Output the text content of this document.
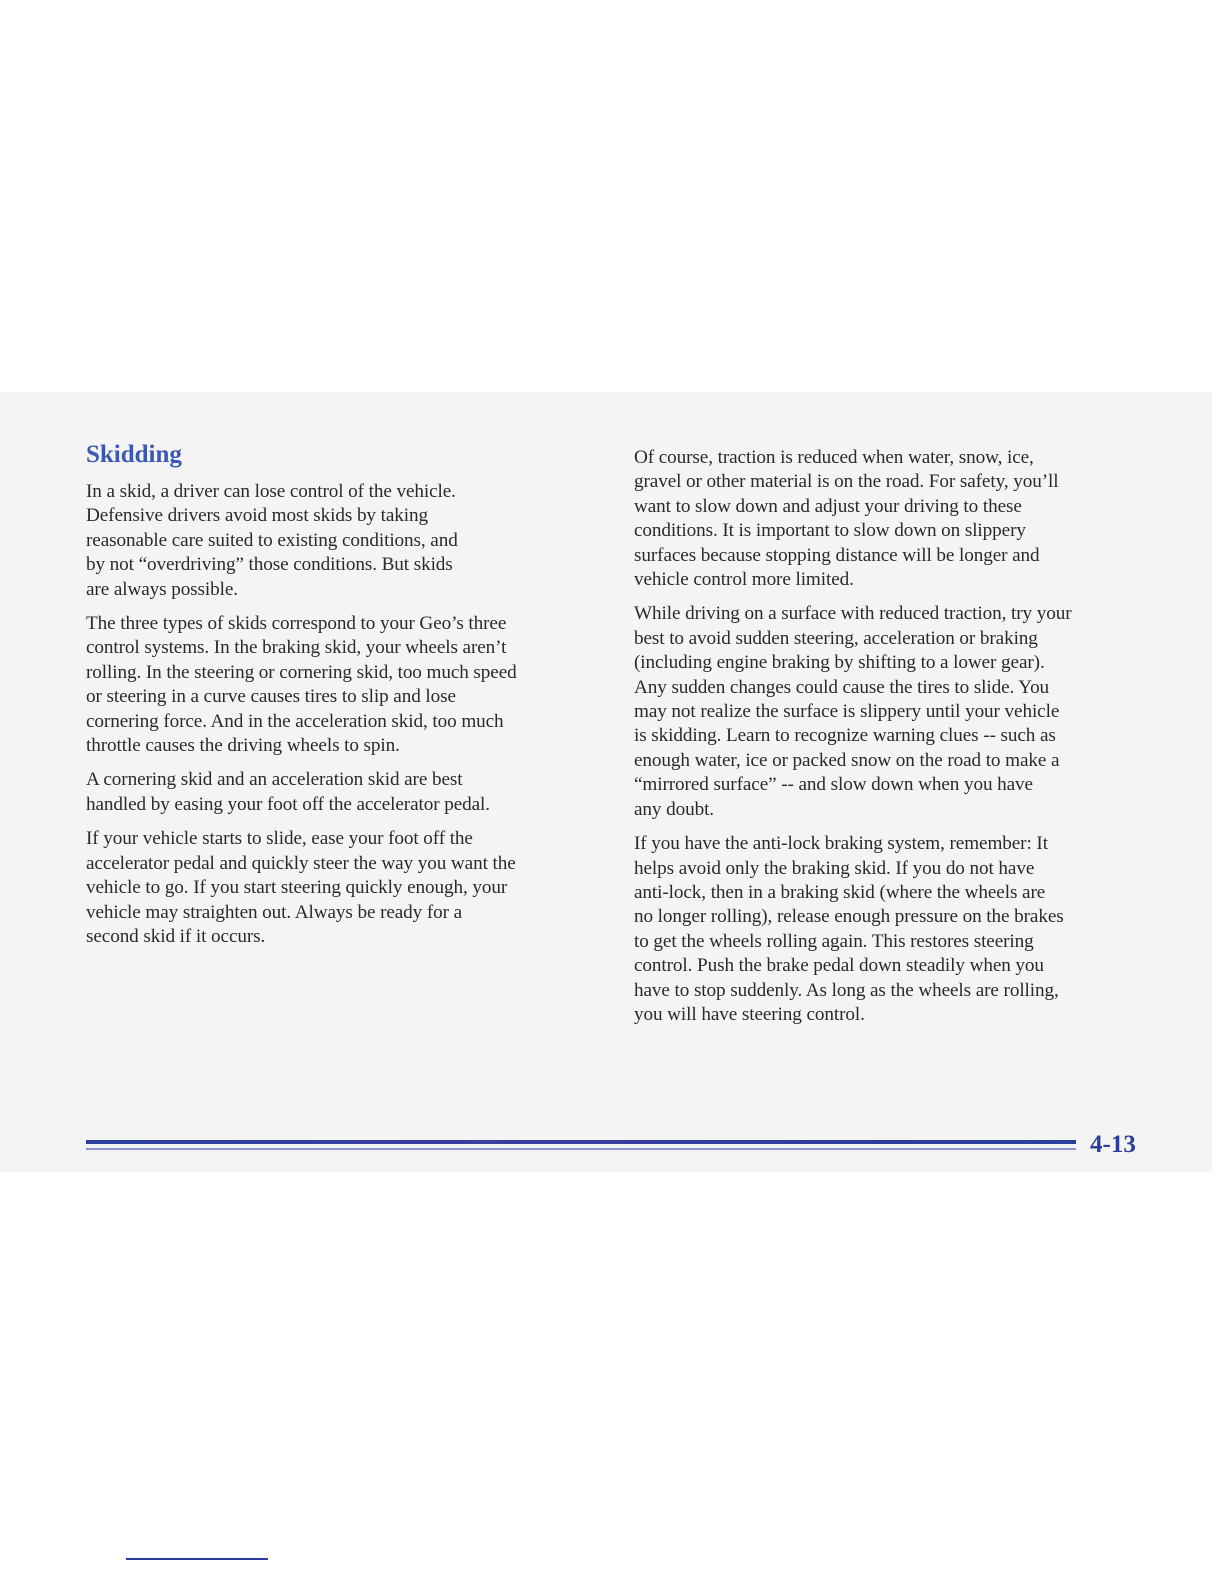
Skidding

In a skid, a driver can lose control of the vehicle.
Defensive drivers avoid most skids by taking
reasonable care suited to existing conditions, and
by not “overdriving” those conditions. But skids
are always possible.

The three types of skids correspond to your Geo’s three
control systems. In the braking skid, your wheels aren’t
rolling. In the steering or cornering skid, too much speed
or steering in a curve causes tires to slip and lose
cornering force. And in the acceleration skid, too much
throttle causes the driving wheels to spin.

A cornering skid and an acceleration skid are best
handled by easing your foot off the accelerator pedal.

If your vehicle starts to slide, ease your foot off the
accelerator pedal and quickly steer the way you want the
vehicle to go. If you start steering quickly enough, your
vehicle may straighten out. Always be ready for a
second skid if it occurs.

Of course, traction is reduced when water, snow, ice,
gravel or other material is on the road. For safety, you’ll
want to slow down and adjust your driving to these
conditions. It is important to slow down on slippery
surfaces because stopping distance will be longer and
vehicle control more limited.

While driving on a surface with reduced traction, try your
best to avoid sudden steering, acceleration or braking
(including engine braking by shifting to a lower gear).
Any sudden changes could cause the tires to slide. You
may not realize the surface is slippery until your vehicle
is skidding. Learn to recognize warning clues -- such as
enough water, ice or packed snow on the road to make a
“mirrored surface” -- and slow down when you have
any doubt.

If you have the anti-lock braking system, remember: It
helps avoid only the braking skid. If you do not have
anti-lock, then in a braking skid (where the wheels are
no longer rolling), release enough pressure on the brakes
to get the wheels rolling again. This restores steering
control. Push the brake pedal down steadily when you
have to stop suddenly. As long as the wheels are rolling,
you will have steering control.

4-13
